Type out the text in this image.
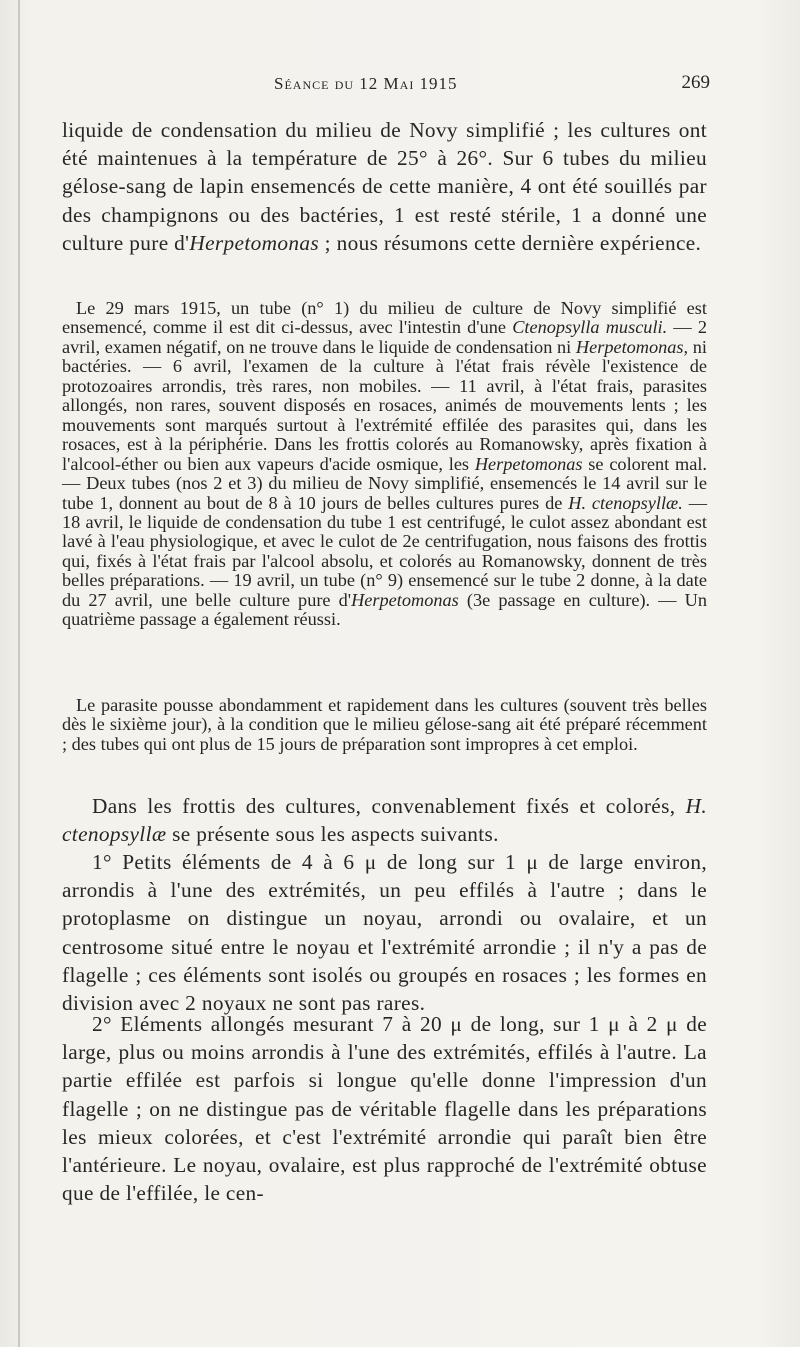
Séance du 12 Mai 1915	269

liquide de condensation du milieu de Novy simplifié ; les cultures ont été maintenues à la température de 25° à 26°. Sur 6 tubes du milieu gélose-sang de lapin ensemencés de cette manière, 4 ont été souillés par des champignons ou des bactéries, 1 est resté stérile, 1 a donné une culture pure d'Herpetomonas ; nous résumons cette dernière expérience.

Le 29 mars 1915, un tube (n° 1) du milieu de culture de Novy simplifié est ensemencé, comme il est dit ci-dessus, avec l'intestin d'une Ctenopsylla musculi. — 2 avril, examen négatif, on ne trouve dans le liquide de condensation ni Herpetomonas, ni bactéries. — 6 avril, l'examen de la culture à l'état frais révèle l'existence de protozoaires arrondis, très rares, non mobiles. — 11 avril, à l'état frais, parasites allongés, non rares, souvent disposés en rosaces, animés de mouvements lents ; les mouvements sont marqués surtout à l'extrémité effilée des parasites qui, dans les rosaces, est à la périphérie. Dans les frottis colorés au Romanowsky, après fixation à l'alcool-éther ou bien aux vapeurs d'acide osmique, les Herpetomonas se colorent mal. — Deux tubes (nos 2 et 3) du milieu de Novy simplifié, ensemencés le 14 avril sur le tube 1, donnent au bout de 8 à 10 jours de belles cultures pures de H. ctenopsyllæ. — 18 avril, le liquide de condensation du tube 1 est centrifugé, le culot assez abondant est lavé à l'eau physiologique, et avec le culot de 2e centrifugation, nous faisons des frottis qui, fixés à l'état frais par l'alcool absolu, et colorés au Romanowsky, donnent de très belles préparations. — 19 avril, un tube (n° 9) ensemencé sur le tube 2 donne, à la date du 27 avril, une belle culture pure d'Herpetomonas (3e passage en culture). — Un quatrième passage a également réussi.

Le parasite pousse abondamment et rapidement dans les cultures (souvent très belles dès le sixième jour), à la condition que le milieu gélose-sang ait été préparé récemment ; des tubes qui ont plus de 15 jours de préparation sont impropres à cet emploi.

Dans les frottis des cultures, convenablement fixés et colorés, H. ctenopsyllæ se présente sous les aspects suivants.

1° Petits éléments de 4 à 6 μ de long sur 1 μ de large environ, arrondis à l'une des extrémités, un peu effilés à l'autre ; dans le protoplasme on distingue un noyau, arrondi ou ovalaire, et un centrosome situé entre le noyau et l'extrémité arrondie ; il n'y a pas de flagelle ; ces éléments sont isolés ou groupés en rosaces ; les formes en division avec 2 noyaux ne sont pas rares.

2° Eléments allongés mesurant 7 à 20 μ de long, sur 1 μ à 2 μ de large, plus ou moins arrondis à l'une des extrémités, effilés à l'autre. La partie effilée est parfois si longue qu'elle donne l'impression d'un flagelle ; on ne distingue pas de véritable flagelle dans les préparations les mieux colorées, et c'est l'extrémité arrondie qui paraît bien être l'antérieure. Le noyau, ovalaire, est plus rapproché de l'extrémité obtuse que de l'effilée, le cen-
